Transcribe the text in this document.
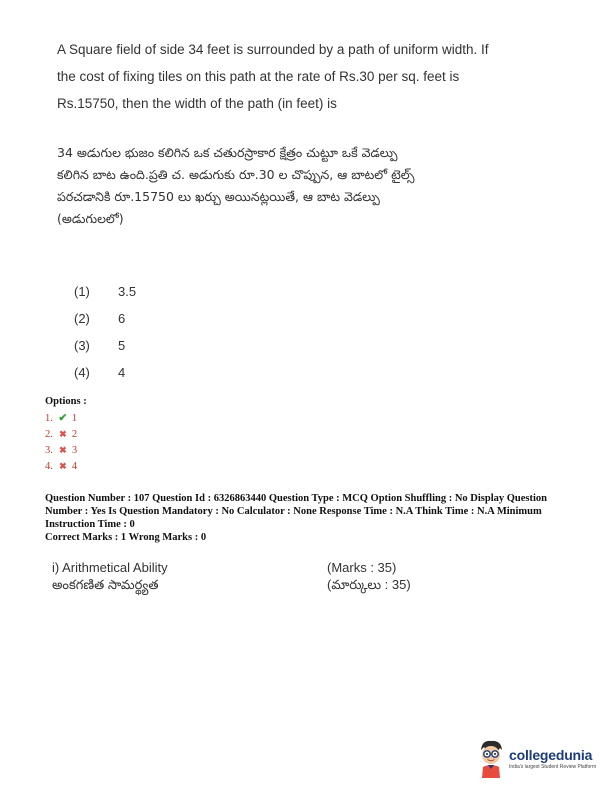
A Square field of side 34 feet is surrounded by a path of uniform width. If
the cost of fixing tiles on this path at the rate of Rs.30 per sq. feet is
Rs.15750, then the width of the path (in feet) is
34 అడుగుల భుజం కలిగిన ఒక చతురస్రాకార క్షేత్రం చుట్టూ ఒకే వెడల్పు
కలిగిన బాట ఉంది.ప్రతి చ. అడుగుకు రూ.30 ల చొప్పున, ఆ బాటలో టైల్స్
పరచడానికి రూ.15750 లు ఖర్చు అయినట్లయితే, ఆ బాట వెడల్పు
(అడుగులలో)
(1)	3.5
(2)	6
(3)	5
(4)	4
Options :
1. ✔ 1
2. ✖ 2
3. ✖ 3
4. ✖ 4
Question Number : 107 Question Id : 6326863440 Question Type : MCQ Option Shuffling : No Display Question
Number : Yes Is Question Mandatory : No Calculator : None Response Time : N.A Think Time : N.A Minimum
Instruction Time : 0
Correct Marks : 1 Wrong Marks : 0
i) Arithmetical Ability	(Marks : 35)
అంకగణిత సామర్థ్యత	(మార్కులు : 35)
collegedunia
India's largest Student Review Platform
